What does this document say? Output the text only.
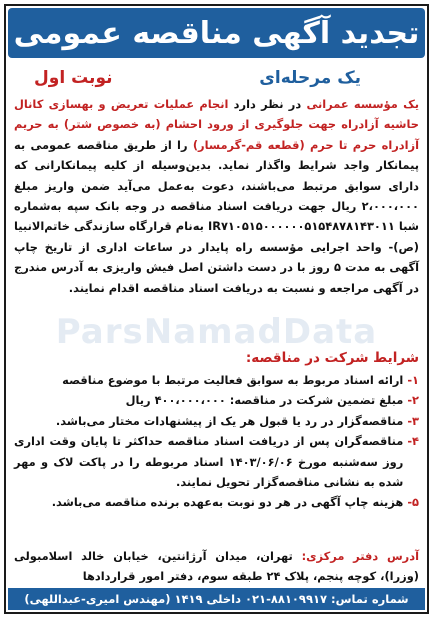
تجدید آگهی مناقصه عمومی
یک مرحله‌ای
نوبت اول
ParsNamadData

یک مؤسسه عمرانی در نظر دارد انجام عملیات تعریض و بهسازی کانال حاشیه آزادراه جهت جلوگیری از ورود احشام (به خصوص شتر) به حریم آزادراه حرم تا حرم (قطعه قم-گرمسار) را از طریق مناقصه عمومی به پیمانکار واجد شرایط واگذار نماید. بدین‌وسیله از کلیه پیمانکارانی که دارای سوابق مرتبط می‌باشند، دعوت به‌عمل می‌آید ضمن واریز مبلغ ۲،۰۰۰،۰۰۰ ریال جهت دریافت اسناد مناقصه در وجه بانک سپه به‌شماره شبا IR۷۱۰۵۱۵۰۰۰۰۰۰۵۱۵۴۸۷۸۱۴۳۰۱۱ به‌نام قرارگاه سازندگی خاتم‌الانبیا (ص)- واحد اجرایی مؤسسه راه پایدار در ساعات اداری از تاریخ چاپ آگهی به مدت ۵ روز با در دست داشتن اصل فیش واریزی به آدرس مندرج در آگهی مراجعه و نسبت به دریافت اسناد مناقصه اقدام نمایند.

شرایط شرکت در مناقصه:
۱-
ارائه اسناد مربوط به سوابق فعالیت مرتبط با موضوع مناقصه
۲-
مبلغ تضمین شرکت در مناقصه: ۴۰۰،۰۰۰،۰۰۰ ریال
۳-
مناقصه‌گزار در رد یا قبول هر یک از پیشنهادات مختار می‌باشد.
۴-
مناقصه‌گران پس از دریافت اسناد مناقصه حداکثر تا پایان وقت اداری روز سه‌شنبه مورخ ۱۴۰۳/۰۶/۰۶ اسناد مربوطه را در پاکت لاک و مهر شده به نشانی مناقصه‌گزار تحویل نمایند.
۵-
هزینه چاپ آگهی در هر دو نوبت به‌عهده برنده مناقصه می‌باشد.

آدرس دفتر مرکزی: تهران، میدان آرژانتین، خیابان خالد اسلامبولی (وزرا)، کوچه پنجم، پلاک ۲۴ طبقه سوم، دفتر امور قراردادها

شماره تماس: ۸۸۱۰۹۹۱۷-۰۲۱ داخلی ۱۴۱۹ (مهندس امیری-عبداللهی)
